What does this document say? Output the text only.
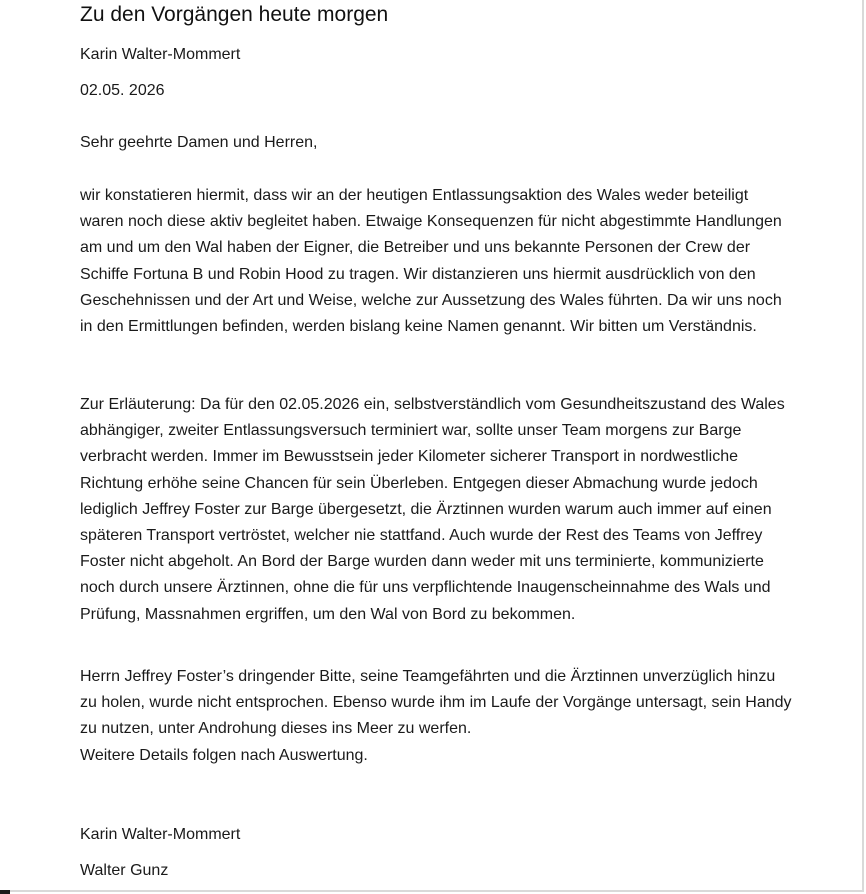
Zu den Vorgängen heute morgen
Karin Walter-Mommert
02.05. 2026
Sehr geehrte Damen und Herren,

wir konstatieren hiermit, dass wir an der heutigen Entlassungsaktion des Wales weder beteiligt waren noch diese aktiv begleitet haben. Etwaige Konsequenzen für nicht abgestimmte Handlungen am und um den Wal haben der Eigner, die Betreiber und uns bekannte Personen der Crew der Schiffe Fortuna B und Robin Hood zu tragen. Wir distanzieren uns hiermit ausdrücklich von den Geschehnissen und der Art und Weise, welche zur Aussetzung des Wales führten. Da wir uns noch in den Ermittlungen befinden, werden bislang keine Namen genannt. Wir bitten um Verständnis.

Zur Erläuterung: Da für den 02.05.2026 ein, selbstverständlich vom Gesundheitszustand des Wales abhängiger, zweiter Entlassungsversuch terminiert war, sollte unser Team morgens zur Barge verbracht werden. Immer im Bewusstsein jeder Kilometer sicherer Transport in nordwestliche Richtung erhöhe seine Chancen für sein Überleben. Entgegen dieser Abmachung wurde jedoch lediglich Jeffrey Foster zur Barge übergesetzt, die Ärztinnen wurden warum auch immer auf einen späteren Transport vertröstet, welcher nie stattfand. Auch wurde der Rest des Teams von Jeffrey Foster nicht abgeholt. An Bord der Barge wurden dann weder mit uns terminierte, kommunizierte noch durch unsere Ärztinnen, ohne die für uns verpflichtende Inaugenscheinnahme des Wals und Prüfung, Massnahmen ergriffen, um den Wal von Bord zu bekommen.

Herrn Jeffrey Foster’s dringender Bitte, seine Teamgefährten und die Ärztinnen unverzüglich hinzu zu holen, wurde nicht entsprochen. Ebenso wurde ihm im Laufe der Vorgänge untersagt, sein Handy zu nutzen, unter Androhung dieses ins Meer zu werfen.

Weitere Details folgen nach Auswertung.

Karin Walter-Mommert
Walter Gunz
